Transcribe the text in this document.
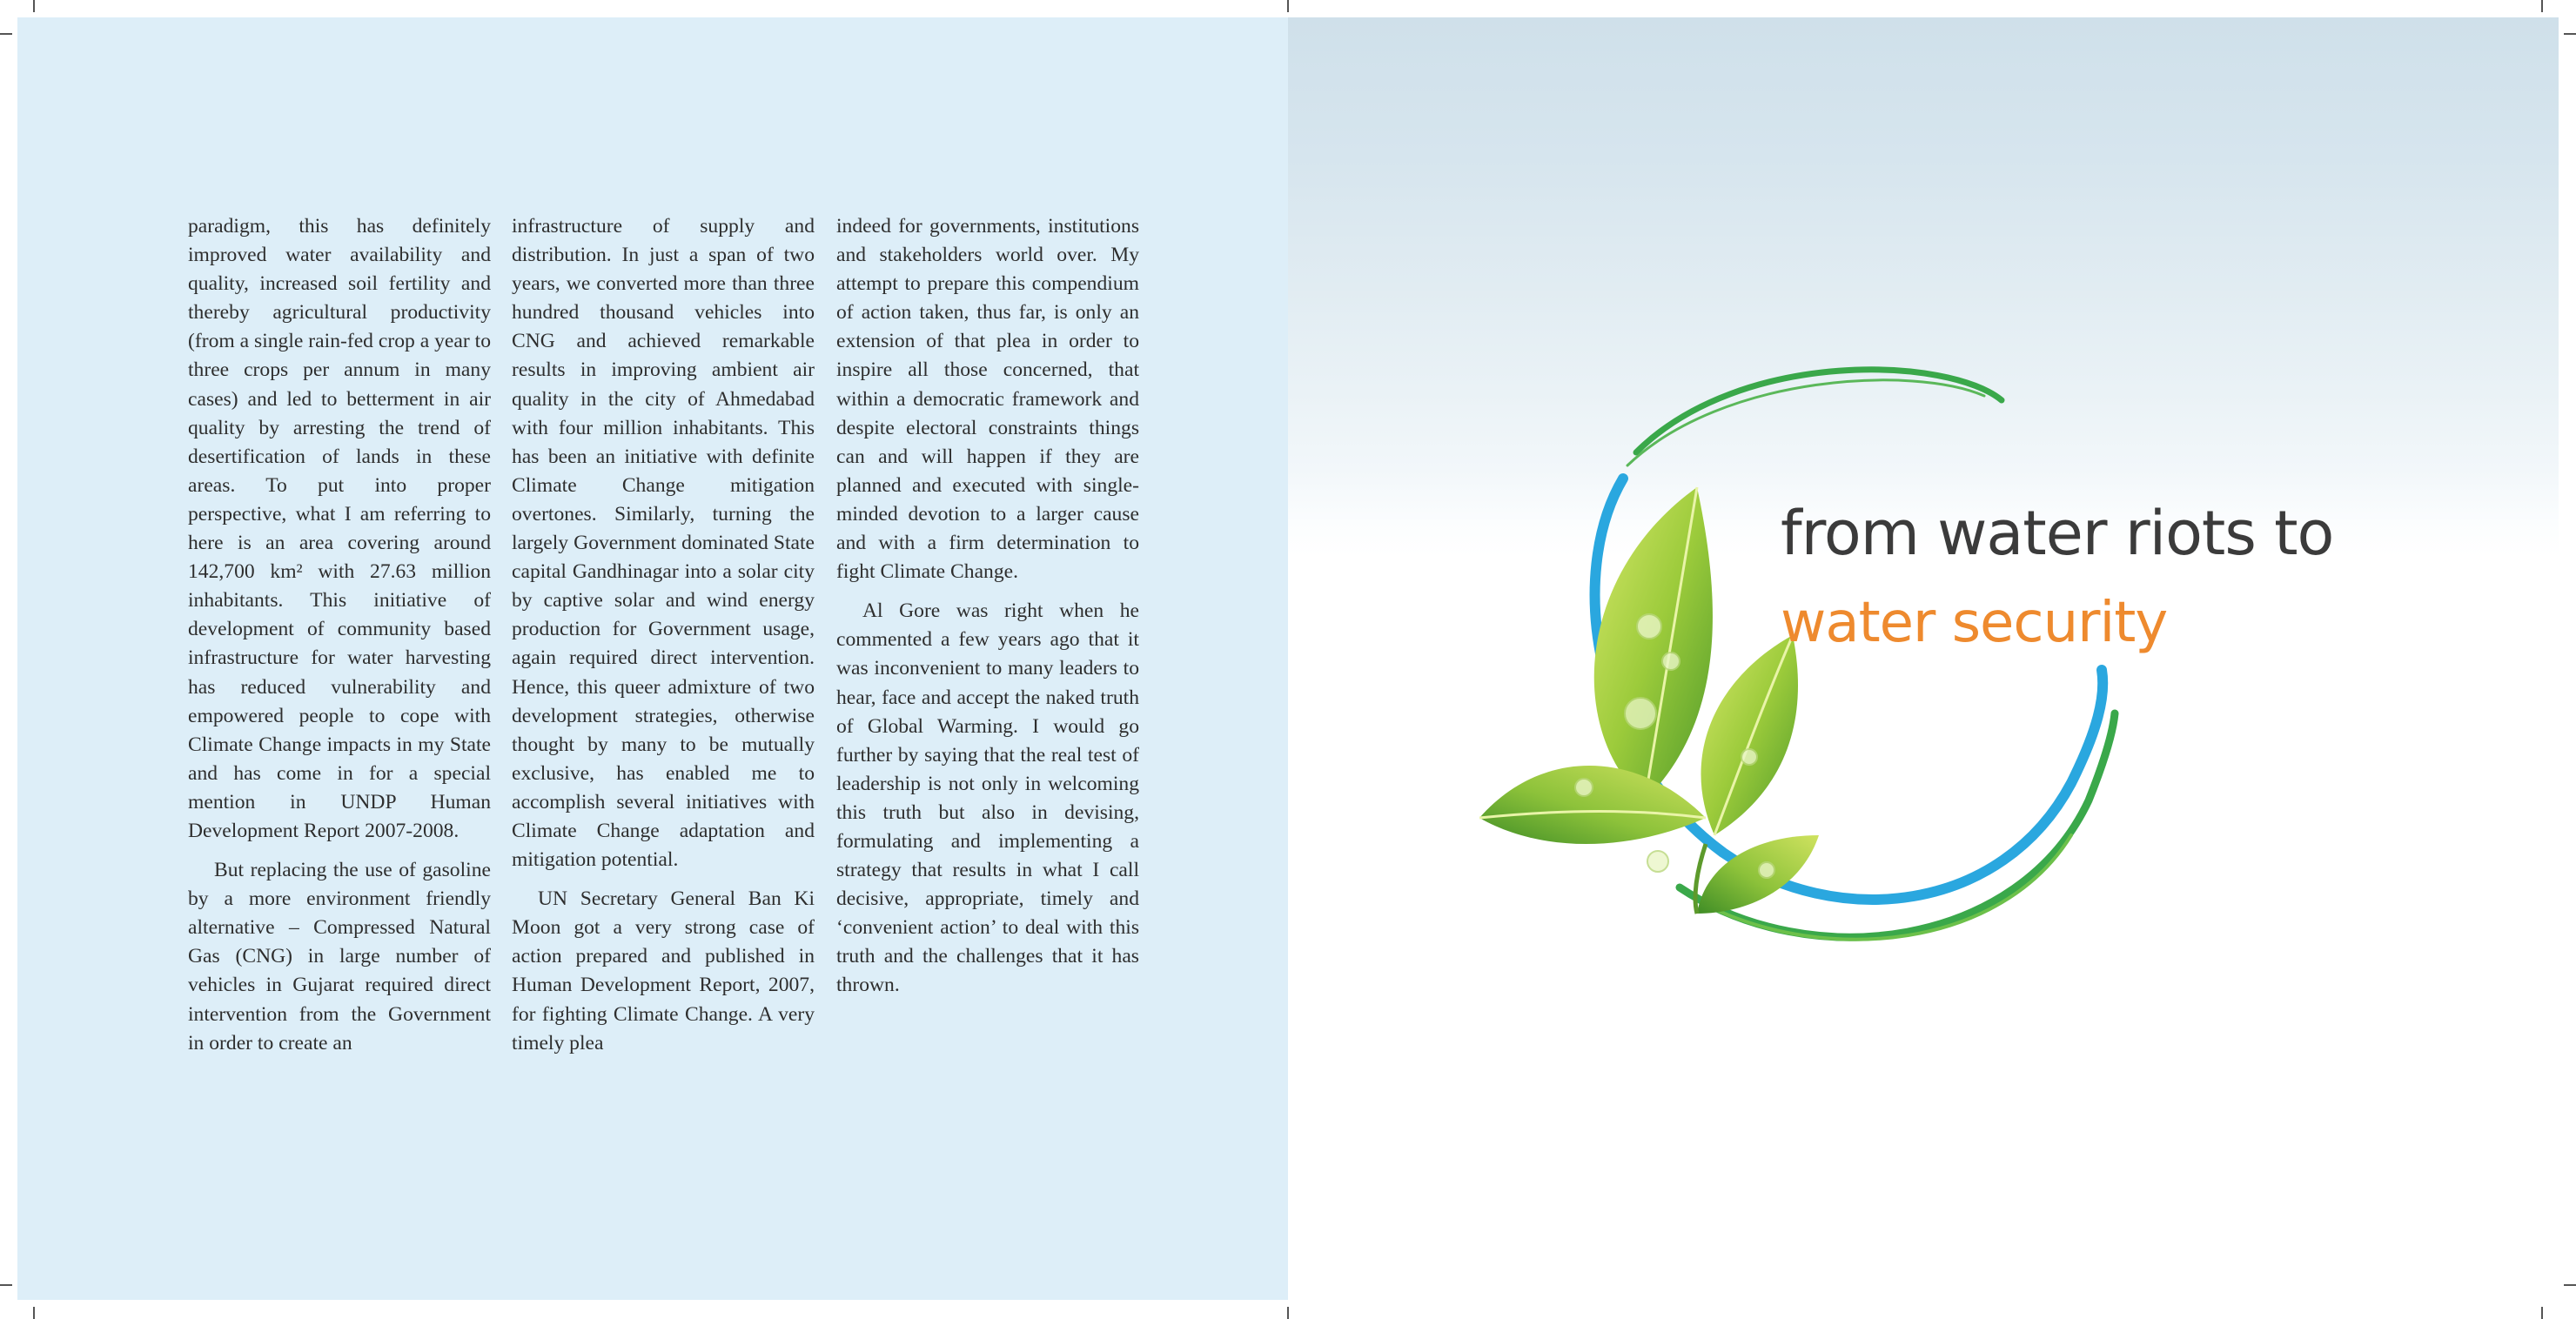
paradigm, this has definitely improved water availability and quality, increased soil fertility and thereby agricultural productivity (from a single rain-fed crop a year to three crops per annum in many cases) and led to betterment in air quality by arresting the trend of desertification of lands in these areas. To put into proper perspective, what I am referring to here is an area covering around 142,700 km² with 27.63 million inhabitants. This initiative of development of community based infrastructure for water harvesting has reduced vulnerability and empowered people to cope with Climate Change impacts in my State and has come in for a special mention in UNDP Human Development Report 2007-2008.

But replacing the use of gasoline by a more environment friendly alternative – Compressed Natural Gas (CNG) in large number of vehicles in Gujarat required direct intervention from the Government in order to create an

infrastructure of supply and distribution. In just a span of two years, we converted more than three hundred thousand vehicles into CNG and achieved remarkable results in improving ambient air quality in the city of Ahmedabad with four million inhabitants. This has been an initiative with definite Climate Change mitigation overtones. Similarly, turning the largely Government dominated State capital Gandhinagar into a solar city by captive solar and wind energy production for Government usage, again required direct intervention. Hence, this queer admixture of two development strategies, otherwise thought by many to be mutually exclusive, has enabled me to accomplish several initiatives with Climate Change adaptation and mitigation potential.

UN Secretary General Ban Ki Moon got a very strong case of action prepared and published in Human Development Report, 2007, for fighting Climate Change. A very timely plea

indeed for governments, institutions and stakeholders world over. My attempt to prepare this compendium of action taken, thus far, is only an extension of that plea in order to inspire all those concerned, that within a democratic framework and despite electoral constraints things can and will happen if they are planned and executed with single-minded devotion to a larger cause and with a firm determination to fight Climate Change.

Al Gore was right when he commented a few years ago that it was inconvenient to many leaders to hear, face and accept the naked truth of Global Warming. I would go further by saying that the real test of leadership is not only in welcoming this truth but also in devising, formulating and implementing a strategy that results in what I call decisive, appropriate, timely and ‘convenient action’ to deal with this truth and the challenges that it has thrown.

from water riots to
water security
